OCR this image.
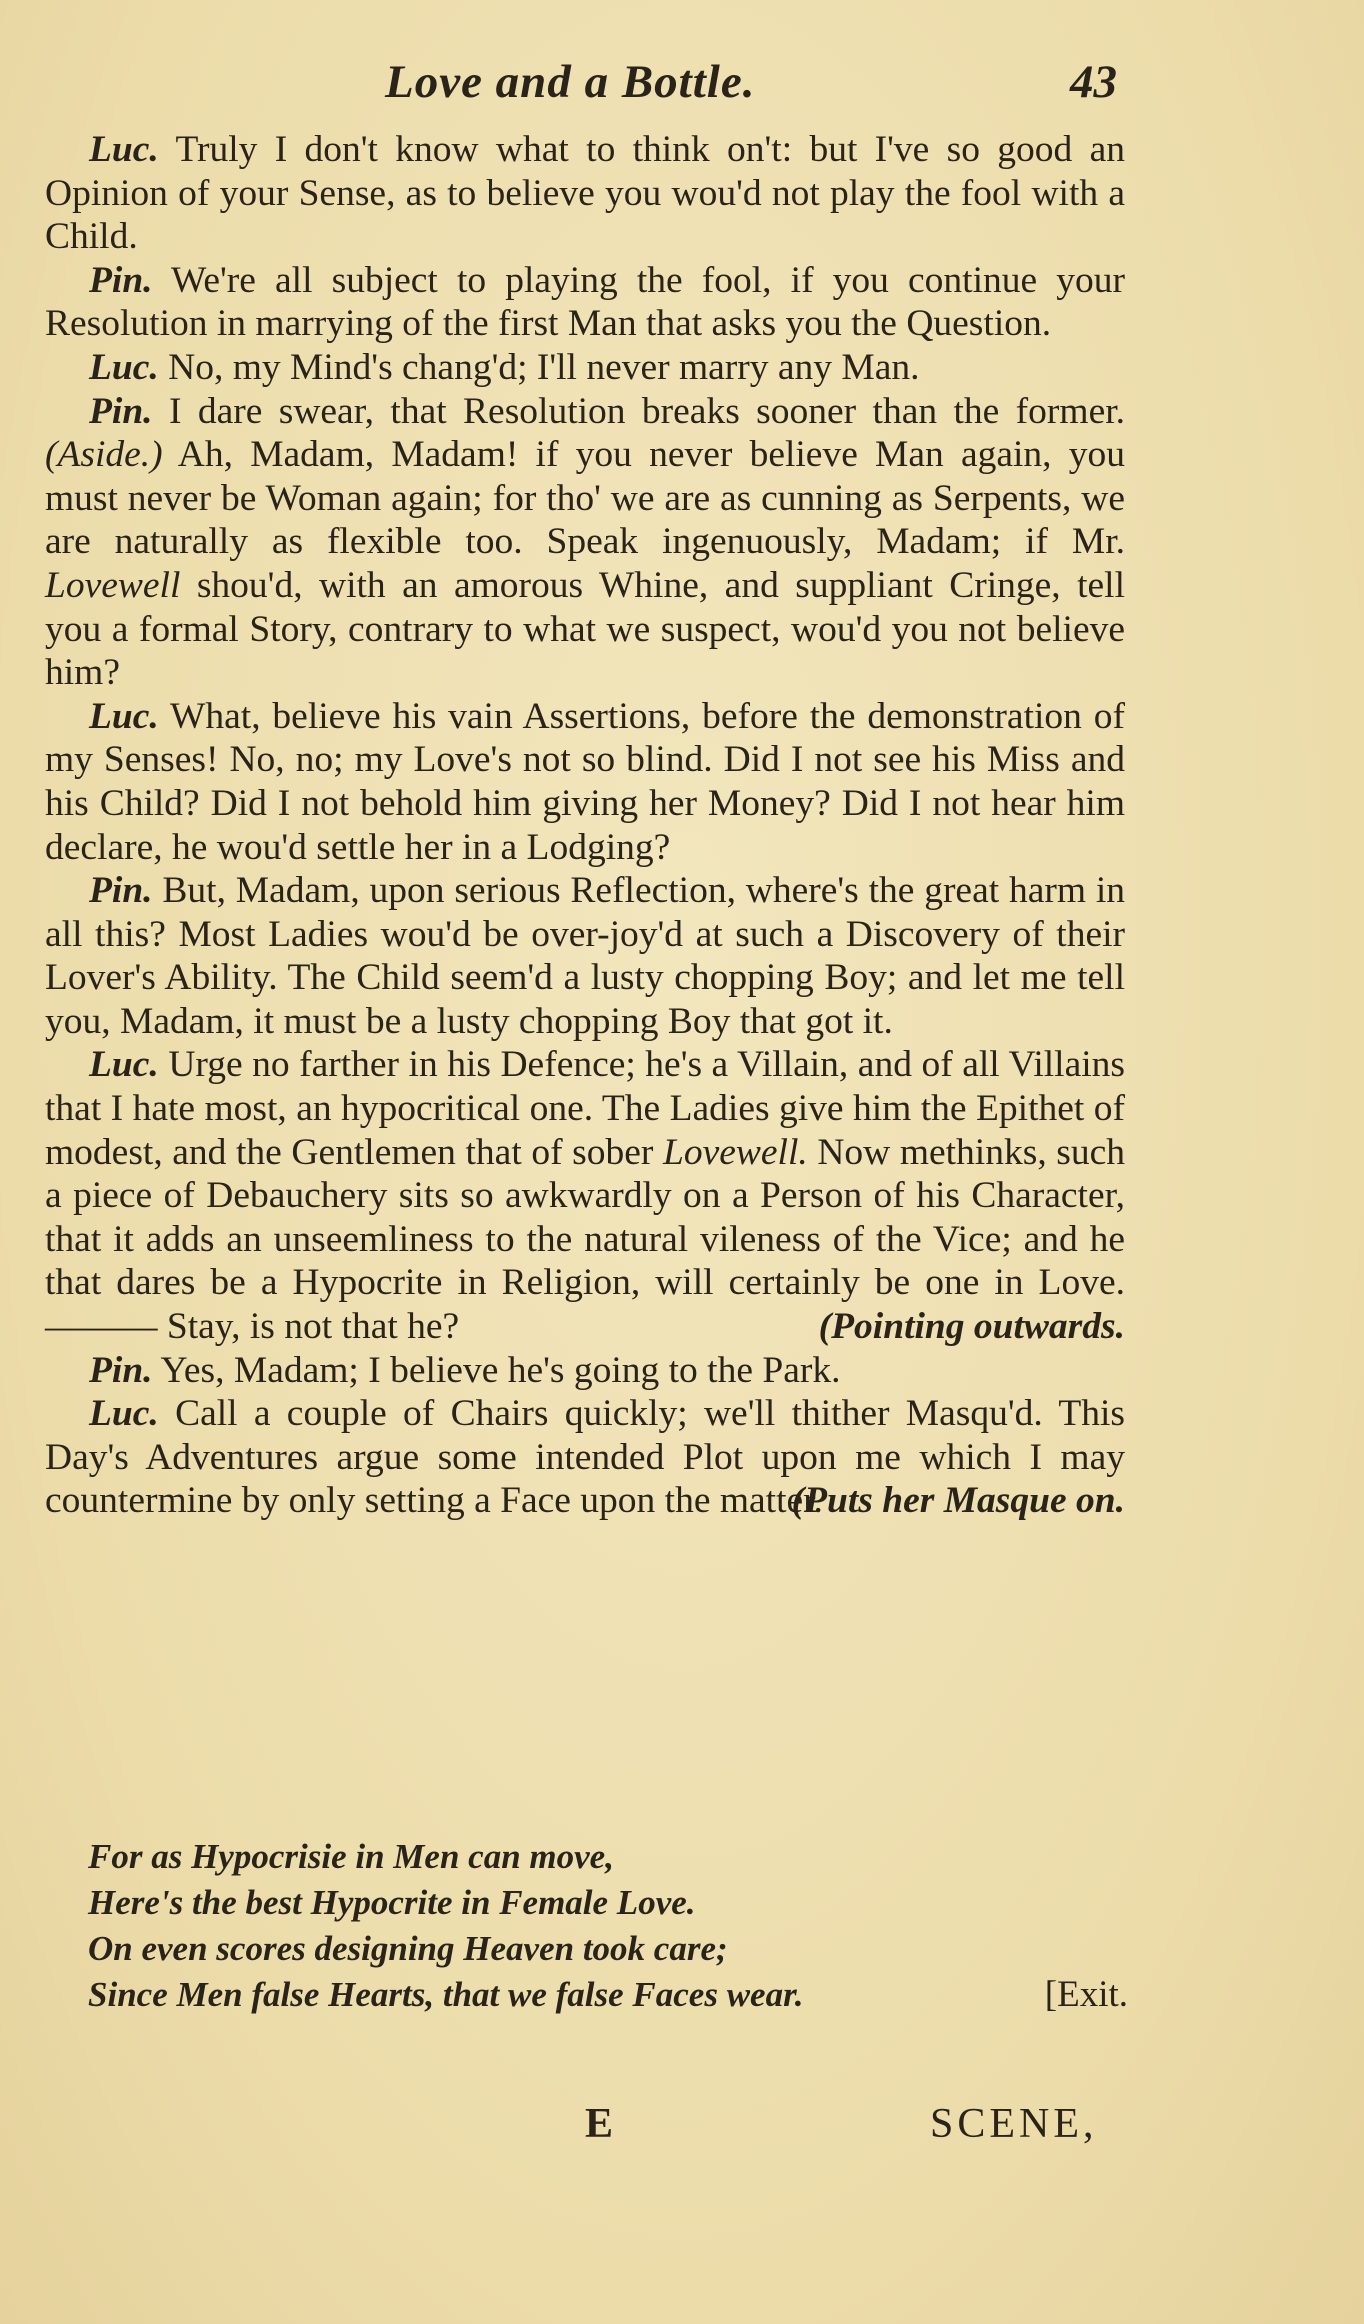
Love and a Bottle.	43

Luc. Truly I don't know what to think on't: but I've so good an Opinion of your Sense, as to believe you wou'd not play the fool with a Child.

Pin. We're all subject to playing the fool, if you continue your Resolution in marrying of the first Man that asks you the Question.

Luc. No, my Mind's chang'd; I'll never marry any Man.

Pin. I dare swear, that Resolution breaks sooner than the former. (Aside.) Ah, Madam, Madam! if you never believe Man again, you must never be Woman again; for tho' we are as cunning as Serpents, we are naturally as flexible too. Speak ingenuously, Madam; if Mr. Lovewell shou'd, with an amorous Whine, and suppliant Cringe, tell you a formal Story, contrary to what we suspect, wou'd you not believe him?

Luc. What, believe his vain Assertions, before the demonstration of my Senses! No, no; my Love's not so blind. Did I not see his Miss and his Child? Did I not behold him giving her Money? Did I not hear him declare, he wou'd settle her in a Lodging?

Pin. But, Madam, upon serious Reflection, where's the great harm in all this? Most Ladies wou'd be over-joy'd at such a Discovery of their Lover's Ability. The Child seem'd a lusty chopping Boy; and let me tell you, Madam, it must be a lusty chopping Boy that got it.

Luc. Urge no farther in his Defence; he's a Villain, and of all Villains that I hate most, an hypocritical one. The Ladies give him the Epithet of modest, and the Gentlemen that of sober Lovewell. Now methinks, such a piece of Debauchery sits so awkwardly on a Person of his Character, that it adds an unseemliness to the natural vileness of the Vice; and he that dares be a Hypocrite in Religion, will certainly be one in Love.——— Stay, is not that he?	(Pointing outwards.

Pin. Yes, Madam; I believe he's going to the Park.

Luc. Call a couple of Chairs quickly; we'll thither Masqu'd. This Day's Adventures argue some intended Plot upon me which I may countermine by only setting a Face upon the matter.
(Puts her Masque on.

For as Hypocrisie in Men can move,
Here's the best Hypocrite in Female Love.
On even scores designing Heaven took care;
Since Men false Hearts, that we false Faces wear.	[Exit.
E	SCENE,
